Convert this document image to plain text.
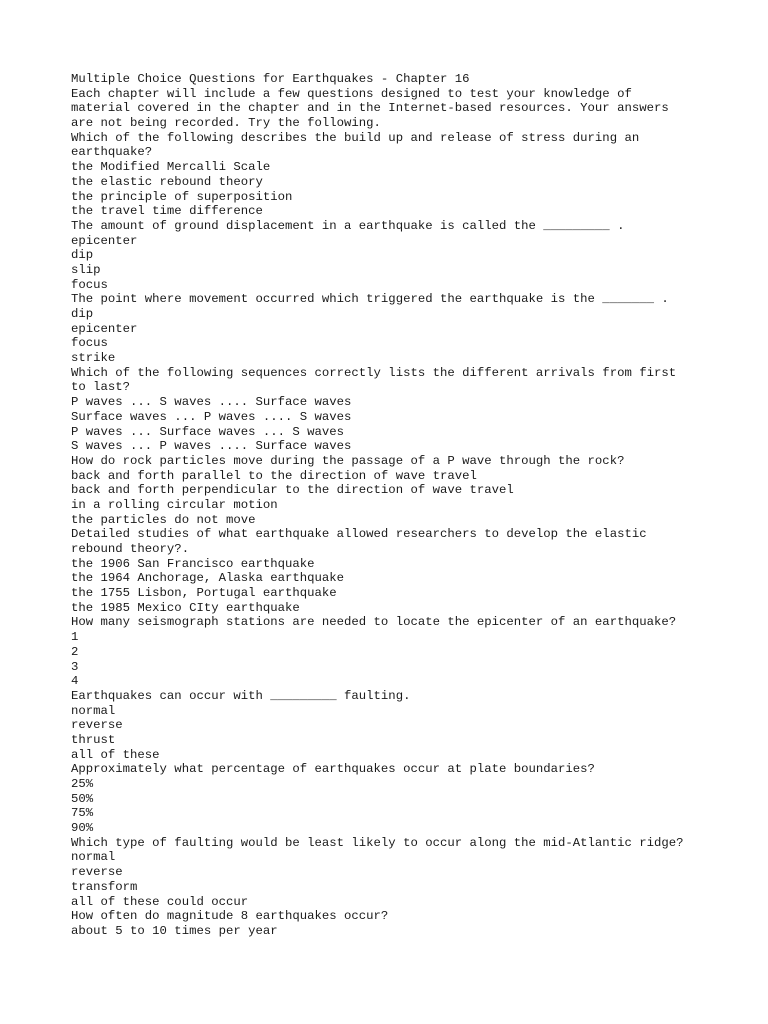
Multiple Choice Questions for Earthquakes - Chapter 16
Each chapter will include a few questions designed to test your knowledge of
material covered in the chapter and in the Internet-based resources. Your answers
are not being recorded. Try the following.
Which of the following describes the build up and release of stress during an
earthquake?
the Modified Mercalli Scale
the elastic rebound theory
the principle of superposition
the travel time difference
The amount of ground displacement in a earthquake is called the _________ .
epicenter
dip
slip
focus
The point where movement occurred which triggered the earthquake is the _______ .
dip
epicenter
focus
strike
Which of the following sequences correctly lists the different arrivals from first
to last?
P waves ... S waves .... Surface waves
Surface waves ... P waves .... S waves
P waves ... Surface waves ... S waves
S waves ... P waves .... Surface waves
How do rock particles move during the passage of a P wave through the rock?
back and forth parallel to the direction of wave travel
back and forth perpendicular to the direction of wave travel
in a rolling circular motion
the particles do not move
Detailed studies of what earthquake allowed researchers to develop the elastic
rebound theory?.
the 1906 San Francisco earthquake
the 1964 Anchorage, Alaska earthquake
the 1755 Lisbon, Portugal earthquake
the 1985 Mexico CIty earthquake
How many seismograph stations are needed to locate the epicenter of an earthquake?
1
2
3
4
Earthquakes can occur with _________ faulting.
normal
reverse
thrust
all of these
Approximately what percentage of earthquakes occur at plate boundaries?
25%
50%
75%
90%
Which type of faulting would be least likely to occur along the mid-Atlantic ridge?
normal
reverse
transform
all of these could occur
How often do magnitude 8 earthquakes occur?
about 5 to 10 times per year
